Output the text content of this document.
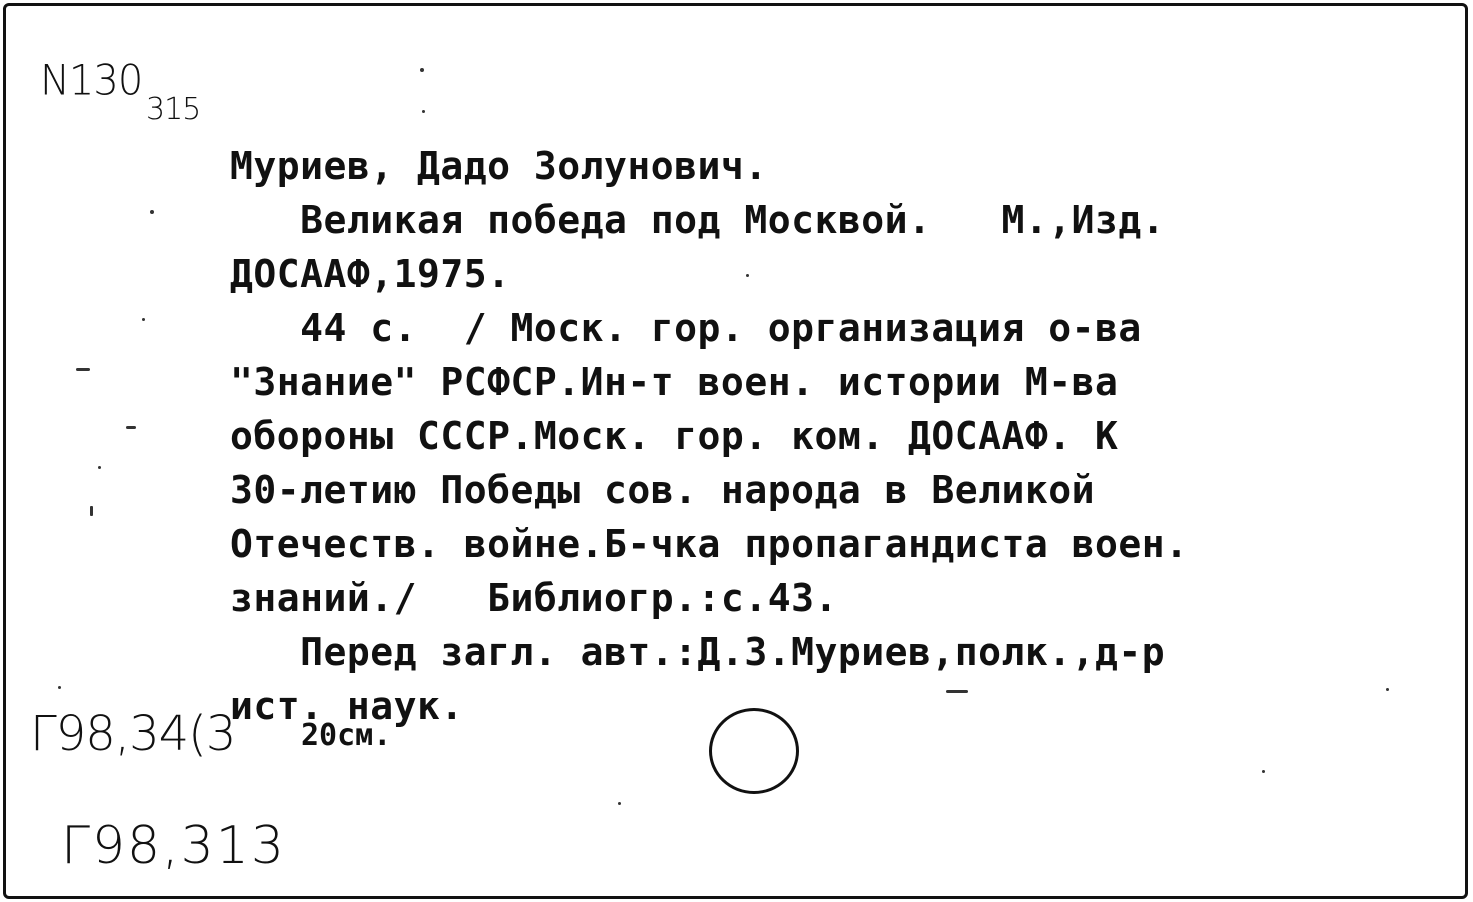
N130
315
Муриев, Дадо Золунович.
Великая победа под Москвой.   М.,Изд.
ДОСААФ,1975.
44 с.  / Моск. гор. организация о-ва
"Знание" РСФСР.Ин-т воен. истории М-ва
обороны СССР.Моск. гор. ком. ДОСААФ. К
30-летию Победы сов. народа в Великой
Отечеств. войне.Б-чка пропагандиста воен.
знаний./   Библиогр.:с.43.
Перед загл. авт.:Д.З.Муриев,полк.,д-р
ист. наук.
Г98,34(3 20см.
Г98,313
